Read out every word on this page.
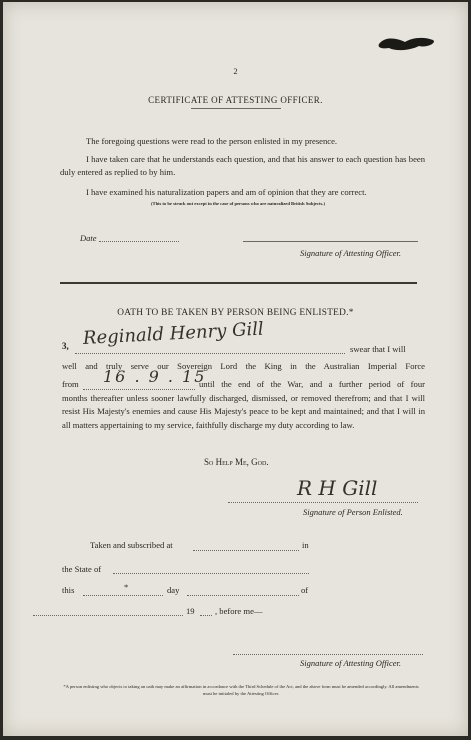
2
CERTIFICATE OF ATTESTING OFFICER.
The foregoing questions were read to the person enlisted in my presence.
I have taken care that he understands each question, and that his answer to each question has been duly entered as replied to by him.
I have examined his naturalization papers and am of opinion that they are correct.
(This to be struck out except in the case of persons who are naturalized British Subjects.)
Date
Signature of Attesting Officer.
OATH TO BE TAKEN BY PERSON BEING ENLISTED.*
3, Reginald Henry Gill
swear that I will
well and truly serve our Sovereign Lord the King in the Australian Imperial Force
from 16 . 9 . 15
until the end of the War, and a further period of four
months thereafter unless sooner lawfully discharged, dismissed, or removed therefrom; and that I will resist His Majesty's enemies and cause His Majesty's peace to be kept and maintained; and that I will in all matters appertaining to my service, faithfully discharge my duty according to law.
So Help Me, God.
R H Gill
Signature of Person Enlisted.
Taken and subscribed at	in
the State of
this	*	day	of
19 , before me—
Signature of Attesting Officer.
*A person enlisting who objects to taking an oath may make an affirmation in accordance with the Third Schedule of the Act, and the above form must be amended accordingly. All amendments must be initialed by the Attesting Officer.
